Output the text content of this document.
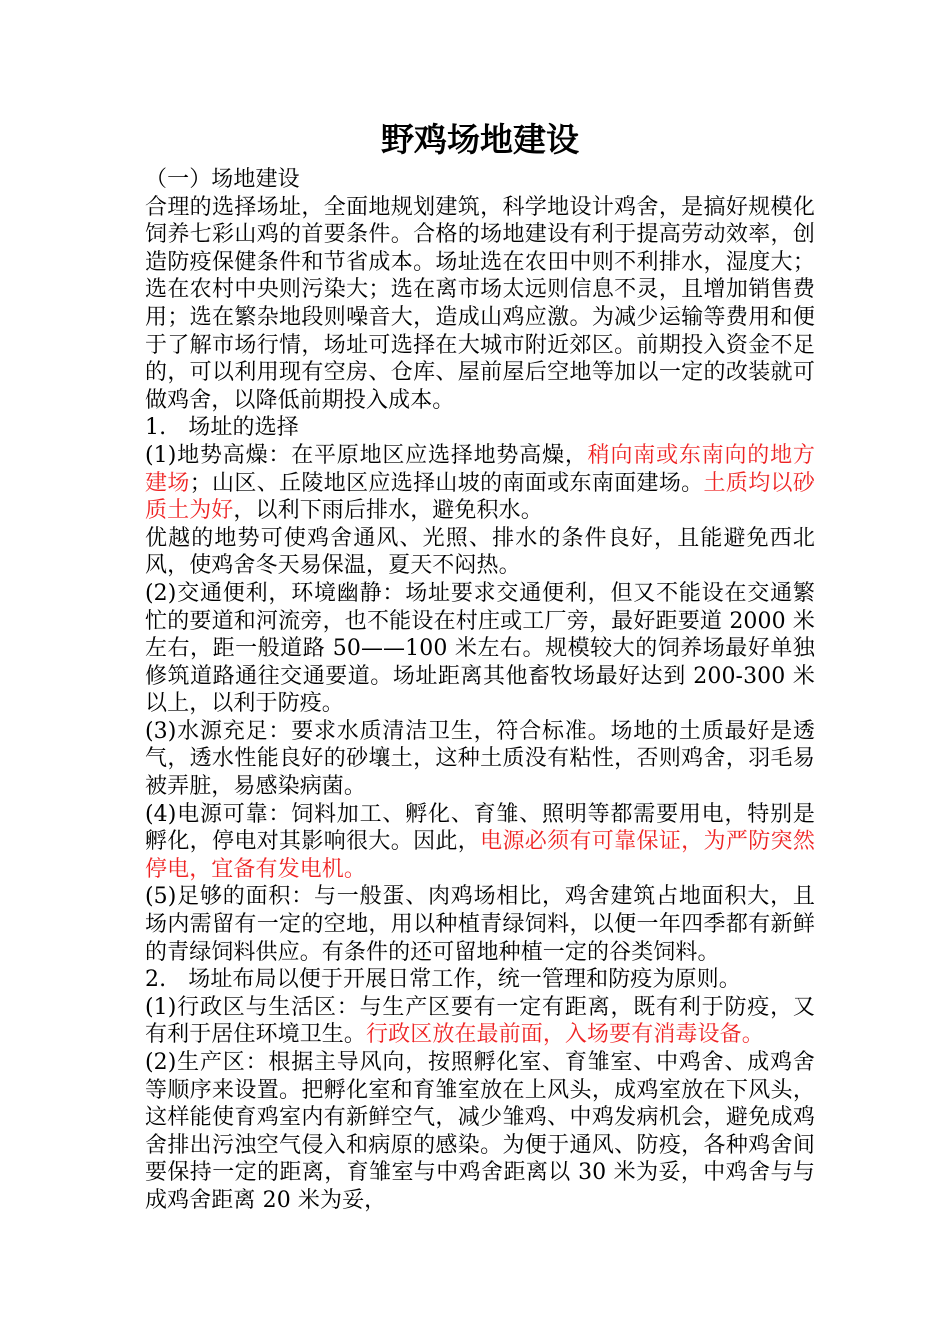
野鸡场地建设

（一）场地建设

合理的选择场址，全面地规划建筑，科学地设计鸡舍，是搞好规模化饲养七彩山鸡的首要条件。合格的场地建设有利于提高劳动效率，创造防疫保健条件和节省成本。场址选在农田中则不利排水，湿度大；选在农村中央则污染大；选在离市场太远则信息不灵，且增加销售费用；选在繁杂地段则噪音大，造成山鸡应激。为减少运输等费用和便于了解市场行情，场址可选择在大城市附近郊区。前期投入资金不足的，可以利用现有空房、仓库、屋前屋后空地等加以一定的改装就可做鸡舍，以降低前期投入成本。

1.　场址的选择

(1)地势高燥：在平原地区应选择地势高燥，稍向南或东南向的地方建场；山区、丘陵地区应选择山坡的南面或东南面建场。土质均以砂质土为好，以利下雨后排水，避免积水。

优越的地势可使鸡舍通风、光照、排水的条件良好，且能避免西北风，使鸡舍冬天易保温，夏天不闷热。

(2)交通便利，环境幽静：场址要求交通便利，但又不能设在交通繁忙的要道和河流旁，也不能设在村庄或工厂旁，最好距要道 2000 米左右，距一般道路 50——100 米左右。规模较大的饲养场最好单独修筑道路通往交通要道。场址距离其他畜牧场最好达到 200-300 米以上，以利于防疫。

(3)水源充足：要求水质清洁卫生，符合标准。场地的土质最好是透气，透水性能良好的砂壤土，这种土质没有粘性，否则鸡舍，羽毛易被弄脏，易感染病菌。

(4)电源可靠：饲料加工、孵化、育雏、照明等都需要用电，特别是孵化，停电对其影响很大。因此，电源必须有可靠保证，为严防突然停电，宜备有发电机。

(5)足够的面积：与一般蛋、肉鸡场相比，鸡舍建筑占地面积大，且场内需留有一定的空地，用以种植青绿饲料，以便一年四季都有新鲜的青绿饲料供应。有条件的还可留地种植一定的谷类饲料。

2.　场址布局以便于开展日常工作，统一管理和防疫为原则。

(1)行政区与生活区：与生产区要有一定有距离，既有利于防疫，又有利于居住环境卫生。行政区放在最前面，入场要有消毒设备。

(2)生产区：根据主导风向，按照孵化室、育雏室、中鸡舍、成鸡舍等顺序来设置。把孵化室和育雏室放在上风头，成鸡室放在下风头，这样能使育鸡室内有新鲜空气，减少雏鸡、中鸡发病机会，避免成鸡舍排出污浊空气侵入和病原的感染。为便于通风、防疫，各种鸡舍间要保持一定的距离，育雏室与中鸡舍距离以 30 米为妥，中鸡舍与与成鸡舍距离 20 米为妥，
